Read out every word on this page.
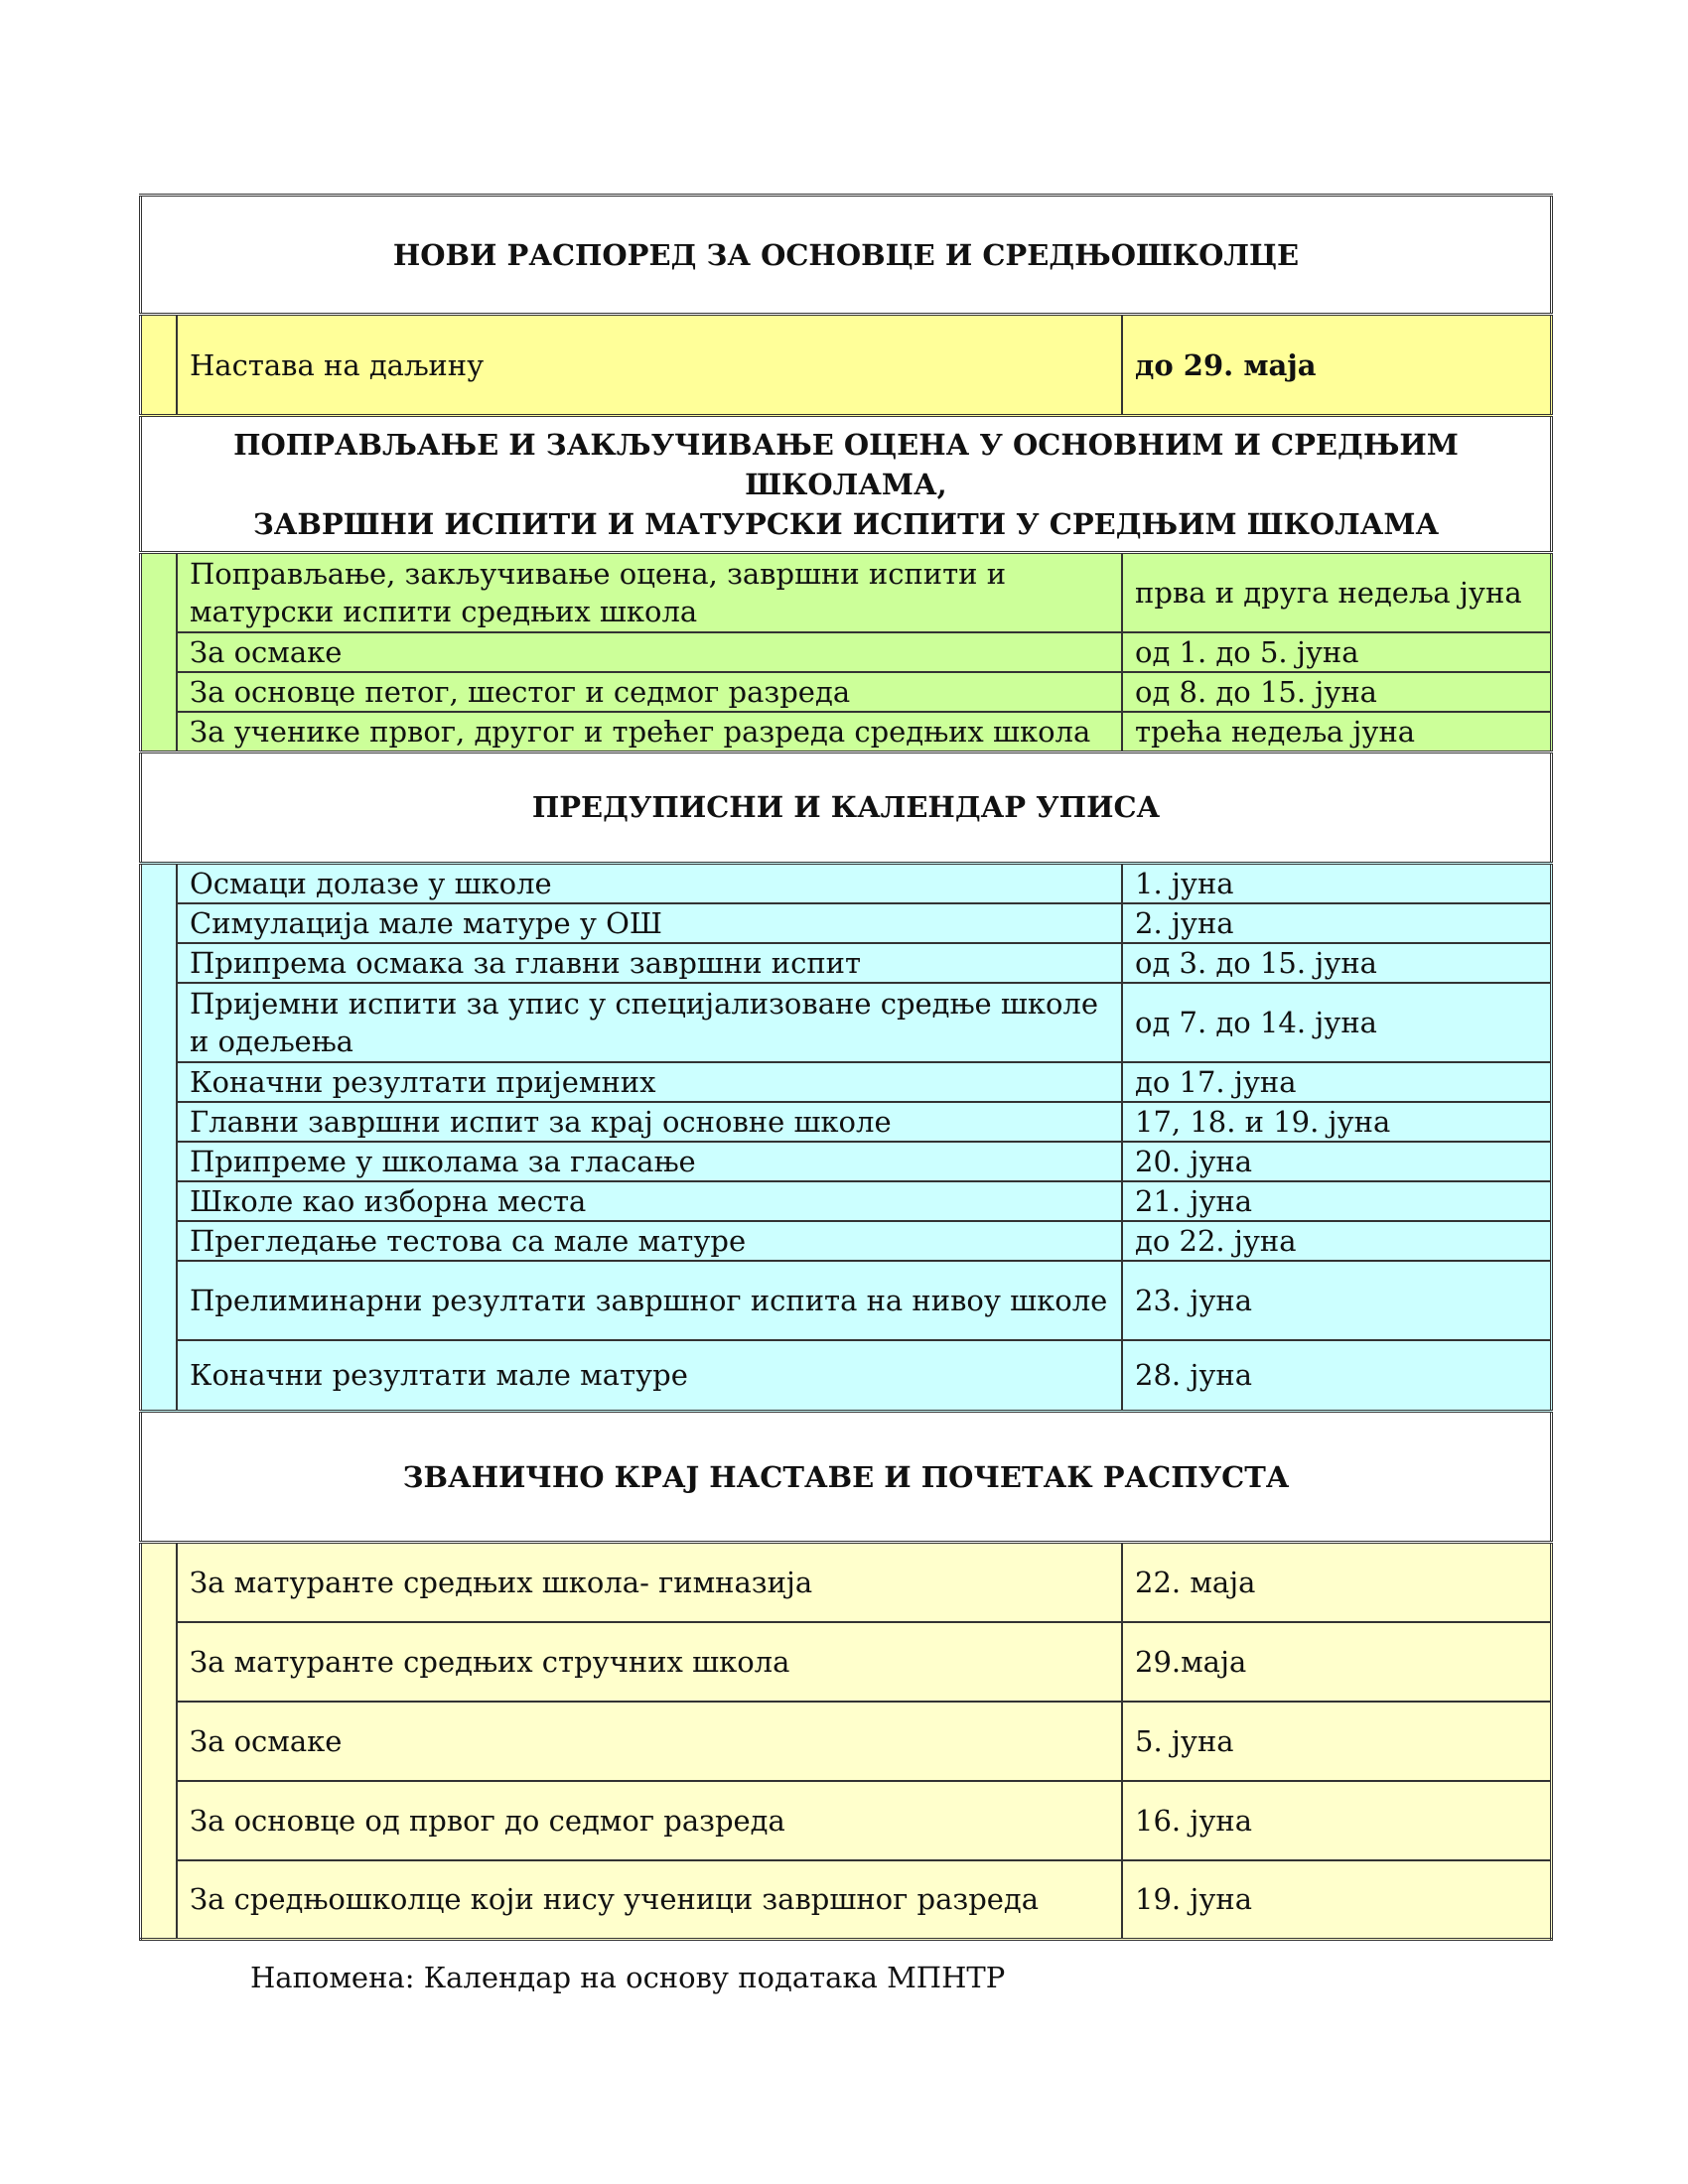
НОВИ РАСПОРЕД ЗА ОСНОВЦЕ И СРЕДЊОШКОЛЦЕ		
	Настава на даљину	до 29. маја

ПОПРАВЉАЊЕ И ЗАКЉУЧИВАЊЕ ОЦЕНА У ОСНОВНИМ И СРЕДЊИМ ШКОЛАМА,
ЗАВРШНИ ИСПИТИ И МАТУРСКИ ИСПИТИ У СРЕДЊИМ ШКОЛАМА		

	Поправљање, закључивање оцена, завршни испити и матурски испити средњих школа	прва и друга недеља јуна
	За осмаке	од 1. до 5. јуна
	За основце петог, шестог и седмог разреда	од 8. до 15. јуна
	За ученике првог, другог и трећег разреда средњих школа	трећа недеља јуна

ПРЕДУПИСНИ И КАЛЕНДАР УПИСА		

	Осмаци долазе у школе	1. јуна
	Симулација мале матуре у ОШ	2. јуна
	Припрема осмака за главни завршни испит	од 3. до 15. јуна
	Пријемни испити за упис у специјализоване средње школе и одељења	од 7. до 14. јуна
	Коначни резултати пријемних	до 17. јуна
	Главни завршни испит за крај основне школе	17, 18. и 19. јуна
	Припреме у школама за гласање	20. јуна
	Школе као изборна места	21. јуна
	Прегледање тестова са мале матуре	до 22. јуна
	Прелиминарни резултати завршног испита на нивоу школе	23. јуна
	Коначни резултати мале матуре	28. јуна

ЗВАНИЧНО КРАЈ НАСТАВЕ И ПОЧЕТАК РАСПУСТА		

	За матуранте средњих школа- гимназија	22. маја
	За матуранте средњих стручних школа	29.маја
	За осмаке	5. јуна
	За основце од првог до седмог разреда	16. јуна
	За средњошколце који нису ученици завршног разреда	19. јуна
Напомена: Календар на основу података МПНТР
